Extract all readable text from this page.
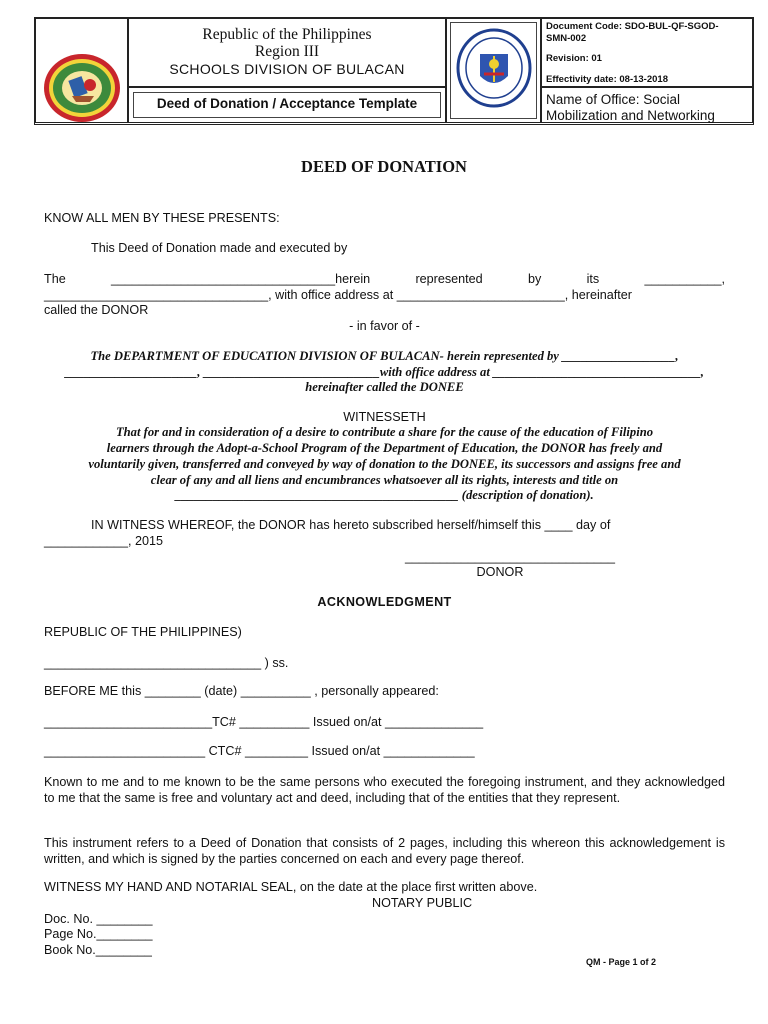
Republic of the Philippines
Region III
SCHOOLS DIVISION OF BULACAN
Deed of Donation / Acceptance Template
Document Code: SDO-BUL-QF-SGOD-
SMN-002
Revision: 01
Effectivity date: 08-13-2018
Name of Office: Social
Mobilization and Networking
DEED OF DONATION
KNOW ALL MEN BY THESE PRESENTS:
This Deed of Donation made and executed by
The	________________________________herein	represented	by	its	___________,
________________________________, with office address at ________________________, hereinafter
called the DONOR
- in favor of -
The DEPARTMENT OF EDUCATION DIVISION OF BULACAN- herein represented by __________________,
_____________________, ____________________________with office address at _________________________________,
hereinafter called the DONEE
WITNESSETH
That for and in consideration of a desire to contribute a share for the cause of the education of Filipino
learners through the Adopt-a-School Program of the Department of Education, the DONOR has freely and
voluntarily given, transferred and conveyed by way of donation to the DONEE, its successors and assigns free and
clear of any and all liens and encumbrances whatsoever all its rights, interests and title on
_____________________________________________ (description of donation).
IN WITNESS WHEREOF, the DONOR has hereto subscribed herself/himself this ____ day of
____________, 2015
______________________________
DONOR
ACKNOWLEDGMENT
REPUBLIC OF THE PHILIPPINES)
_______________________________ ) ss.
BEFORE ME this ________ (date) __________ , personally appeared:
________________________TC# __________ Issued on/at ______________
_______________________ CTC# _________ Issued on/at _____________
Known to me and to me known to be the same persons who executed the foregoing instrument, and they acknowledged to me that the same is free and voluntary act and deed, including that of the entities that they represent.
This instrument refers to a Deed of Donation that consists of 2 pages, including this whereon this acknowledgement is written, and which is signed by the parties concerned on each and every page thereof.
WITNESS MY HAND AND NOTARIAL SEAL, on the date at the place first written above.
NOTARY PUBLIC
Doc. No. ________
Page No.________
Book No.________
QM - Page 1 of 2
